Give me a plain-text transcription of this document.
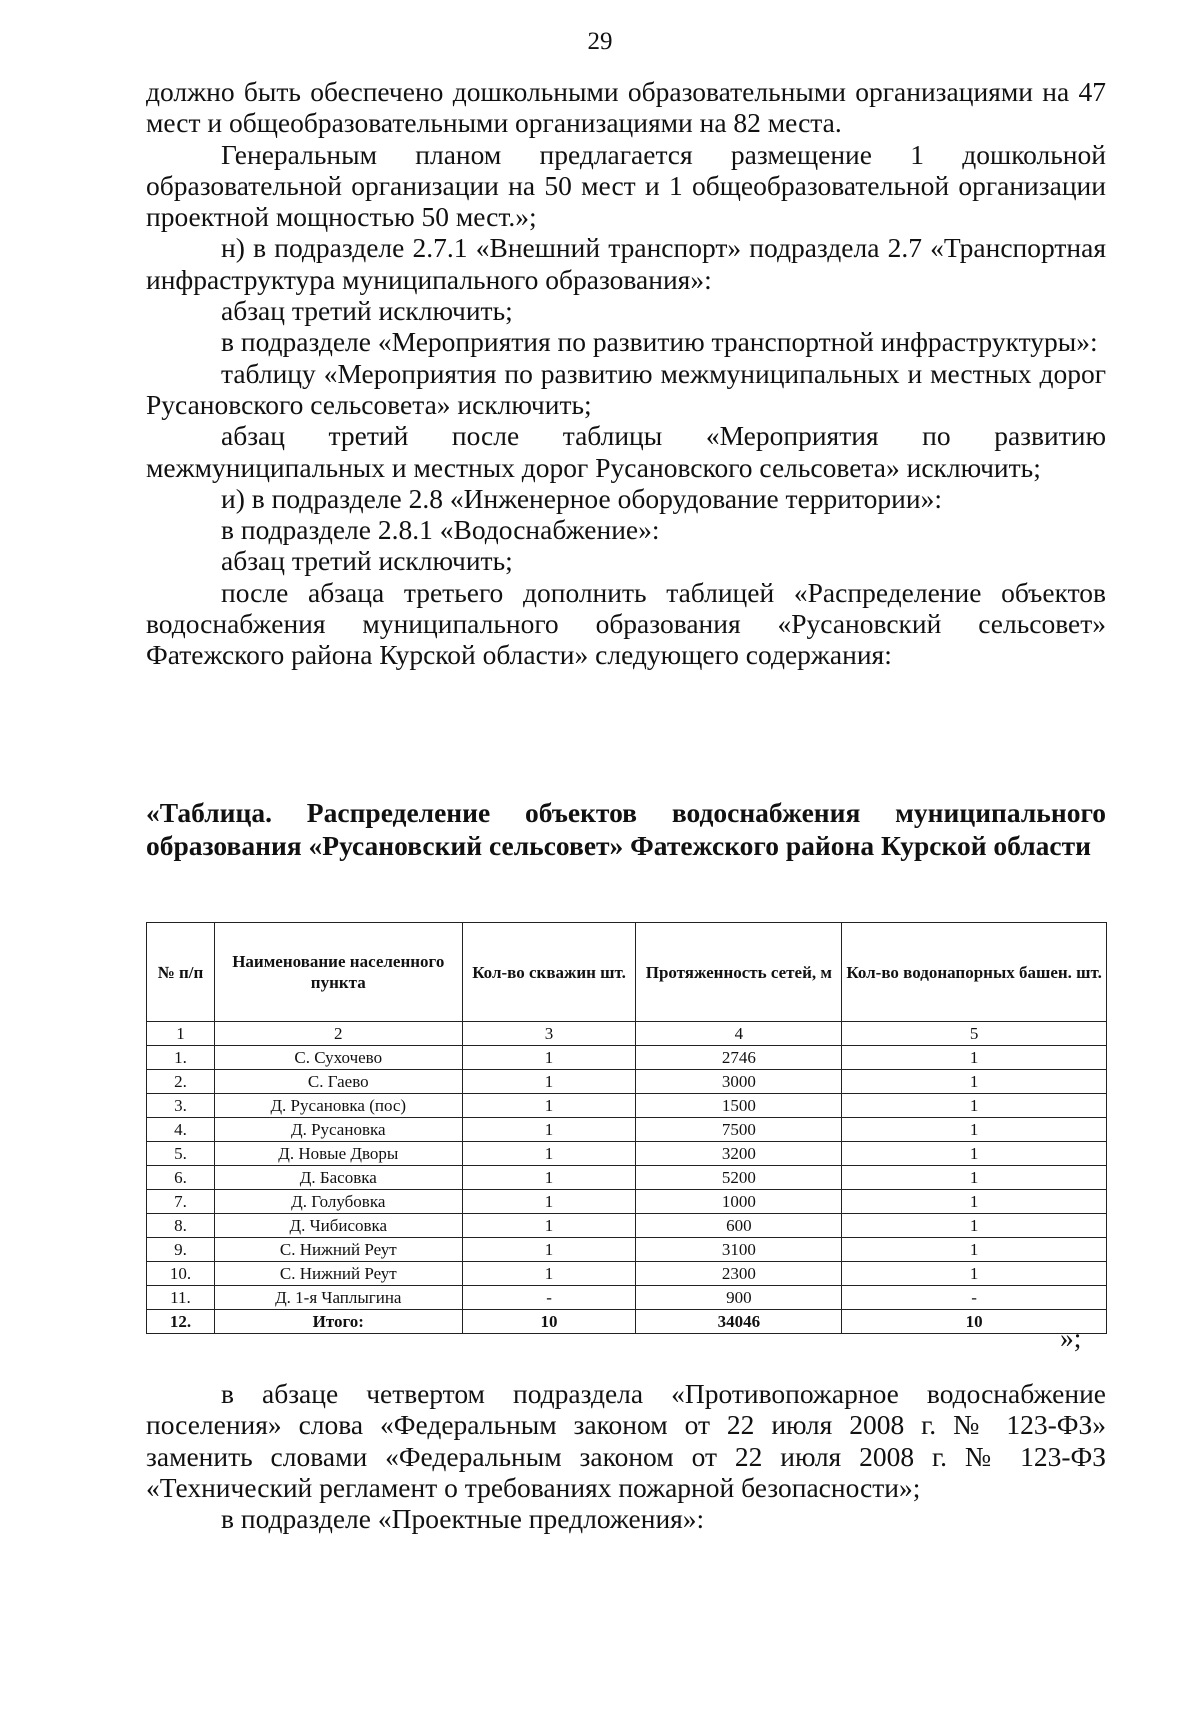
29

должно быть обеспечено дошкольными образовательными организациями на 47 мест и общеобразовательными организациями на 82 места.

Генеральным планом предлагается размещение 1 дошкольной образовательной организации на 50 мест и 1 общеобразовательной организации проектной мощностью 50 мест.»;

н) в подразделе 2.7.1 «Внешний транспорт» подраздела 2.7 «Транспортная инфраструктура муниципального образования»:

абзац третий исключить;

в подразделе «Мероприятия по развитию транспортной инфраструктуры»:

таблицу «Мероприятия по развитию межмуниципальных и местных дорог Русановского сельсовета» исключить;

абзац третий после таблицы «Мероприятия по развитию межмуниципальных и местных дорог Русановского сельсовета» исключить;

и) в подразделе 2.8 «Инженерное оборудование территории»:

в подразделе 2.8.1 «Водоснабжение»:

абзац третий исключить;

после абзаца третьего дополнить таблицей «Распределение объектов водоснабжения муниципального образования «Русановский сельсовет» Фатежского района Курской области» следующего содержания:

«Таблица. Распределение объектов водоснабжения муниципального образования «Русановский сельсовет» Фатежского района Курской области
№ п/п	Наименование населенного пункта	Кол-во скважин шт.	Протяженность сетей, м	Кол-во водонапорных башен. шт.
1	2	3	4	5
1.	С. Сухочево	1	2746	1
2.	С. Гаево	1	3000	1
3.	Д. Русановка (пос)	1	1500	1
4.	Д. Русановка	1	7500	1
5.	Д. Новые Дворы	1	3200	1
6.	Д. Басовка	1	5200	1
7.	Д. Голубовка	1	1000	1
8.	Д. Чибисовка	1	600	1
9.	С. Нижний Реут	1	3100	1
10.	С. Нижний Реут	1	2300	1
11.	Д. 1-я Чаплыгина	-	900	-
12.	Итого:	10	34046	10
»;

в абзаце четвертом подраздела «Противопожарное водоснабжение поселения» слова «Федеральным законом от 22 июля 2008 г. № 123-ФЗ» заменить словами «Федеральным законом от 22 июля 2008 г. № 123-ФЗ «Технический регламент о требованиях пожарной безопасности»;

в подразделе «Проектные предложения»:
